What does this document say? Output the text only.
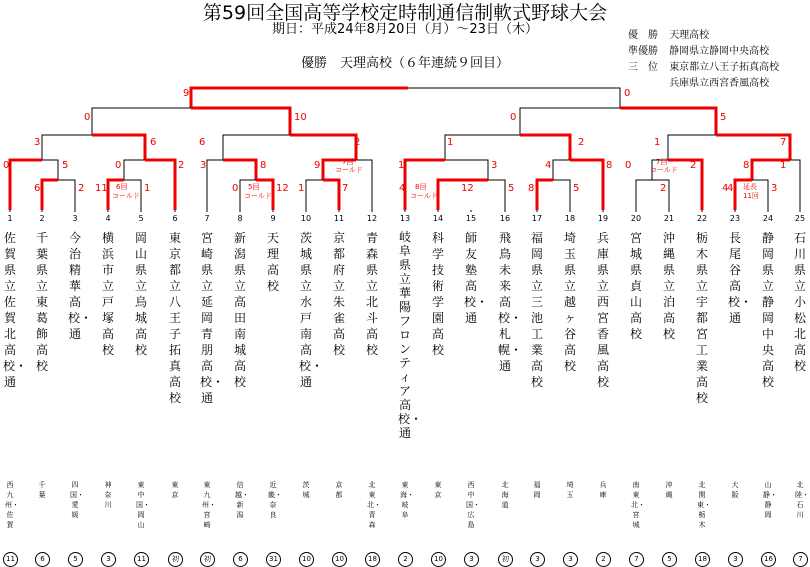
第59回全国高等学校定時制通信制軟式野球大会
期日：平成24年8月20日（月）～23日（木）
優勝　天理高校（６年連続９回目）
優　勝 天理高校
準優勝 静岡県立静岡中央高校
三　位 東京都立八王子拓真高校
兵庫県立西宮香風高校
9	0
0	10	0	5
3	6	6	2	1	2	1	7
0	5	0	2 3	8	9	1	3	4	8 0	2	8	1
6	2 11	1
6回
コールド
0	12
5回
コールド
1	7	12	5 8	5	2	4	3
延長
11回
7回
コールド
8回
コールド
4
7回
コールド
4
1	2	3	4	5	6	7	8	9	10	11	12	13	14	15	16	17	18	19	20	21	22	23	24	25
佐賀県立佐賀北高校・通
西九州・佐賀
11
千葉県立東葛飾高校
千葉
6
今治精華高校・通
四国・愛媛
5
横浜市立戸塚高校
神奈川
3
岡山県立烏城高校
東中国・岡山
11
東京都立八王子拓真高校
東京
初
宮崎県立延岡青朋高校・通
東九州・宮崎
初
新潟県立高田南城高校
信越・新潟
6
天理高校
近畿・奈良
31
茨城県立水戸南高校・通
茨城
10
京都府立朱雀高校
京都
10
青森県立北斗高校
北東北・青森
18
岐阜県立華陽フロンティア高校・通
東海・岐阜
2
科学技術学園高校
東京
10
師友塾高校・通
西中国・広島
3
飛鳥未来高校・札幌・通
北海道
初
福岡県立三池工業高校
福岡
3
埼玉県立越ヶ谷高校
埼玉
3
兵庫県立西宮香風高校
兵庫
2
宮城県貞山高校
南東北・宮城
7
沖縄県立泊高校
沖縄
5
栃木県立宇都宮工業高校
北関東・栃木
18
長尾谷高校・通
大阪
3
静岡県立静岡中央高校
山静・静岡
16
石川県立小松北高校
北陸・石川
7
